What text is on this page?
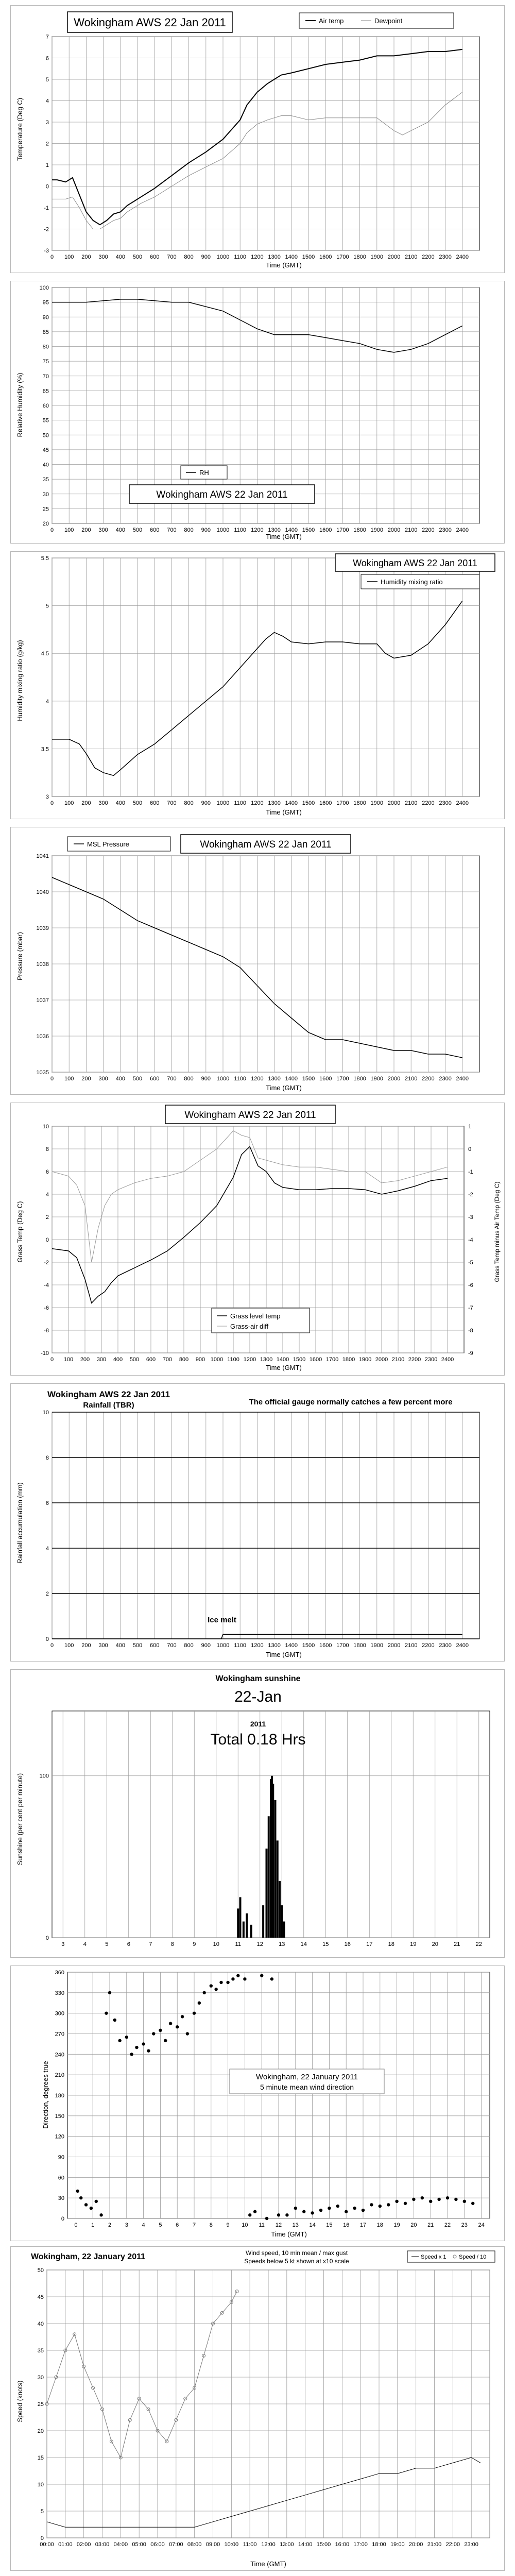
0 100 200 300 400 500 600 700 800 900 1000 1100 1200 1300 1400 1500 1600 1700 1800 1900 2000 2100 2200 2300 2400
-3
-2
-1
0
1
2
3
4
5
6
7
Wokingham AWS 22 Jan 2011	Air temp	Dewpoint
Temperature (Deg C)
Time (GMT)
0 100 200 300 400 500 600 700 800 900 1000 1100 1200 1300 1400 1500 1600 1700 1800 1900 2000 2100 2200 2300 2400
20
25
30
35
40
45
50
55
60
65
70
75
80
85
90
95
100
RH
Wokingham AWS 22 Jan 2011
Relative Humidity (%)
Time (GMT)
0 100 200 300 400 500 600 700 800 900 1000 1100 1200 1300 1400 1500 1600 1700 1800 1900 2000 2100 2200 2300 2400
3
3.5
4
4.5
5
5.5	Wokingham AWS 22 Jan 2011
Humidity mixing ratio
Humidity mixing ratio (g/kg)
Time (GMT)
0 100 200 300 400 500 600 700 800 900 1000 1100 1200 1300 1400 1500 1600 1700 1800 1900 2000 2100 2200 2300 2400
1035
1036
1037
1038
1039
1040
1041
MSL Pressure	Wokingham AWS 22 Jan 2011
Pressure (mbar)
Time (GMT)
0 100 200 300 400 500 600 700 800 900 1000 1100 1200 1300 1400 1500 1600 1700 1800 1900 2000 2100 2200 2300 2400
-10
-8
-6
-4
-2
0
2
4
6
8
10
-9
-8
-7
-6
-5
-4
-3
-2
-1
0
1
Wokingham AWS 22 Jan 2011
Grass level temp
Grass-air diff
Grass Temp (Deg C)	Grass Temp minus Air Temp (Deg C)
Time (GMT)
0 100 200 300 400 500 600 700 800 900 1000 1100 1200 1300 1400 1500 1600 1700 1800 1900 2000 2100 2200 2300 2400
0
2
4
6
8
10
Wokingham AWS 22 Jan 2011
Rainfall (TBR)	The official gauge normally catches a few percent more
Ice melt
Rainfall accumulation (mm)
Time (GMT)
3	4	5	6	7	8	9	10	11	12	13	14	15	16	17	18	19	20	21	22
0
100
Wokingham sunshine
22-Jan
2011
Total 0.18 Hrs
Sunshine (per cent per minute)
0 1 2 3 4 5 6 7 8 9 10 11 12 13 14 15 16 17 18 19 20 21 22 23 24
0
30
60
90
120
150
180
210
240
270
300
330
360
Wokingham, 22 January 2011
5 minute mean wind direction
Direction, degrees true
Time (GMT)
00:00 01:00 02:00 03:00 04:00 05:00 06:00 07:00 08:00 09:00 10:00 11:00 12:00 13:00 14:00 15:00 16:00 17:00 18:00 19:00 20:00 21:00 22:00 23:00
0
5
10
15
20
25
30
35
40
45
50
Wokingham, 22 January 2011	Wind speed, 10 min mean / max gust
Speeds below 5 kt shown at x10 scale
Speed x 1 Speed / 10
Speed (knots)
Time (GMT)
